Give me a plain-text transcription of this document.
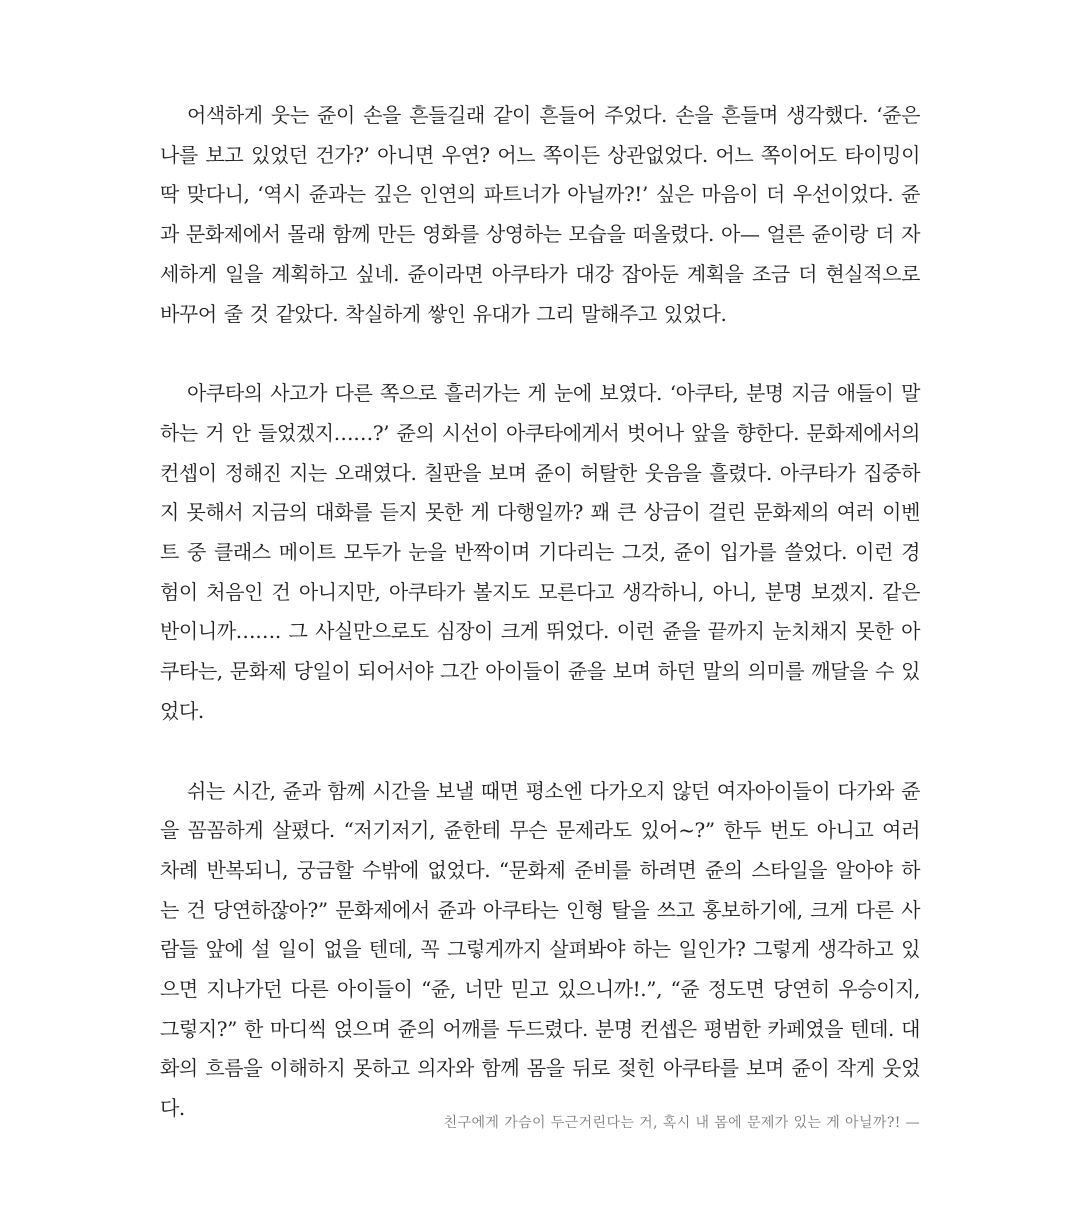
어색하게 웃는 쥰이 손을 흔들길래 같이 흔들어 주었다. 손을 흔들며 생각했다. ‘쥰은 나를 보고 있었던 건가?’ 아니면 우연? 어느 쪽이든 상관없었다. 어느 쪽이어도 타이밍이 딱 맞다니, ‘역시 쥰과는 깊은 인연의 파트너가 아닐까?!’ 싶은 마음이 더 우선이었다. 쥰과 문화제에서 몰래 함께 만든 영화를 상영하는 모습을 떠올렸다. 아— 얼른 쥰이랑 더 자세하게 일을 계획하고 싶네. 쥰이라면 아쿠타가 대강 잡아둔 계획을 조금 더 현실적으로 바꾸어 줄 것 같았다. 착실하게 쌓인 유대가 그리 말해주고 있었다.

아쿠타의 사고가 다른 쪽으로 흘러가는 게 눈에 보였다. ‘아쿠타, 분명 지금 애들이 말하는 거 안 들었겠지……?’ 쥰의 시선이 아쿠타에게서 벗어나 앞을 향한다. 문화제에서의 컨셉이 정해진 지는 오래였다. 칠판을 보며 쥰이 허탈한 웃음을 흘렸다. 아쿠타가 집중하지 못해서 지금의 대화를 듣지 못한 게 다행일까? 꽤 큰 상금이 걸린 문화제의 여러 이벤트 중 클래스 메이트 모두가 눈을 반짝이며 기다리는 그것, 쥰이 입가를 쓸었다. 이런 경험이 처음인 건 아니지만, 아쿠타가 볼지도 모른다고 생각하니, 아니, 분명 보겠지. 같은 반이니까……. 그 사실만으로도 심장이 크게 뛰었다. 이런 쥰을 끝까지 눈치채지 못한 아쿠타는, 문화제 당일이 되어서야 그간 아이들이 쥰을 보며 하던 말의 의미를 깨달을 수 있었다.

쉬는 시간, 쥰과 함께 시간을 보낼 때면 평소엔 다가오지 않던 여자아이들이 다가와 쥰을 꼼꼼하게 살폈다. “저기저기, 쥰한테 무슨 문제라도 있어~?” 한두 번도 아니고 여러 차례 반복되니, 궁금할 수밖에 없었다. “문화제 준비를 하려면 쥰의 스타일을 알아야 하는 건 당연하잖아?” 문화제에서 쥰과 아쿠타는 인형 탈을 쓰고 홍보하기에, 크게 다른 사람들 앞에 설 일이 없을 텐데, 꼭 그렇게까지 살펴봐야 하는 일인가? 그렇게 생각하고 있으면 지나가던 다른 아이들이 “쥰, 너만 믿고 있으니까!.”, “쥰 정도면 당연히 우승이지, 그렇지?” 한 마디씩 얹으며 쥰의 어깨를 두드렸다. 분명 컨셉은 평범한 카페였을 텐데. 대화의 흐름을 이해하지 못하고 의자와 함께 몸을 뒤로 젖힌 아쿠타를 보며 쥰이 작게 웃었다.

친구에게 가슴이 두근거린다는 거, 혹시 내 몸에 문제가 있는 게 아닐까?! —
